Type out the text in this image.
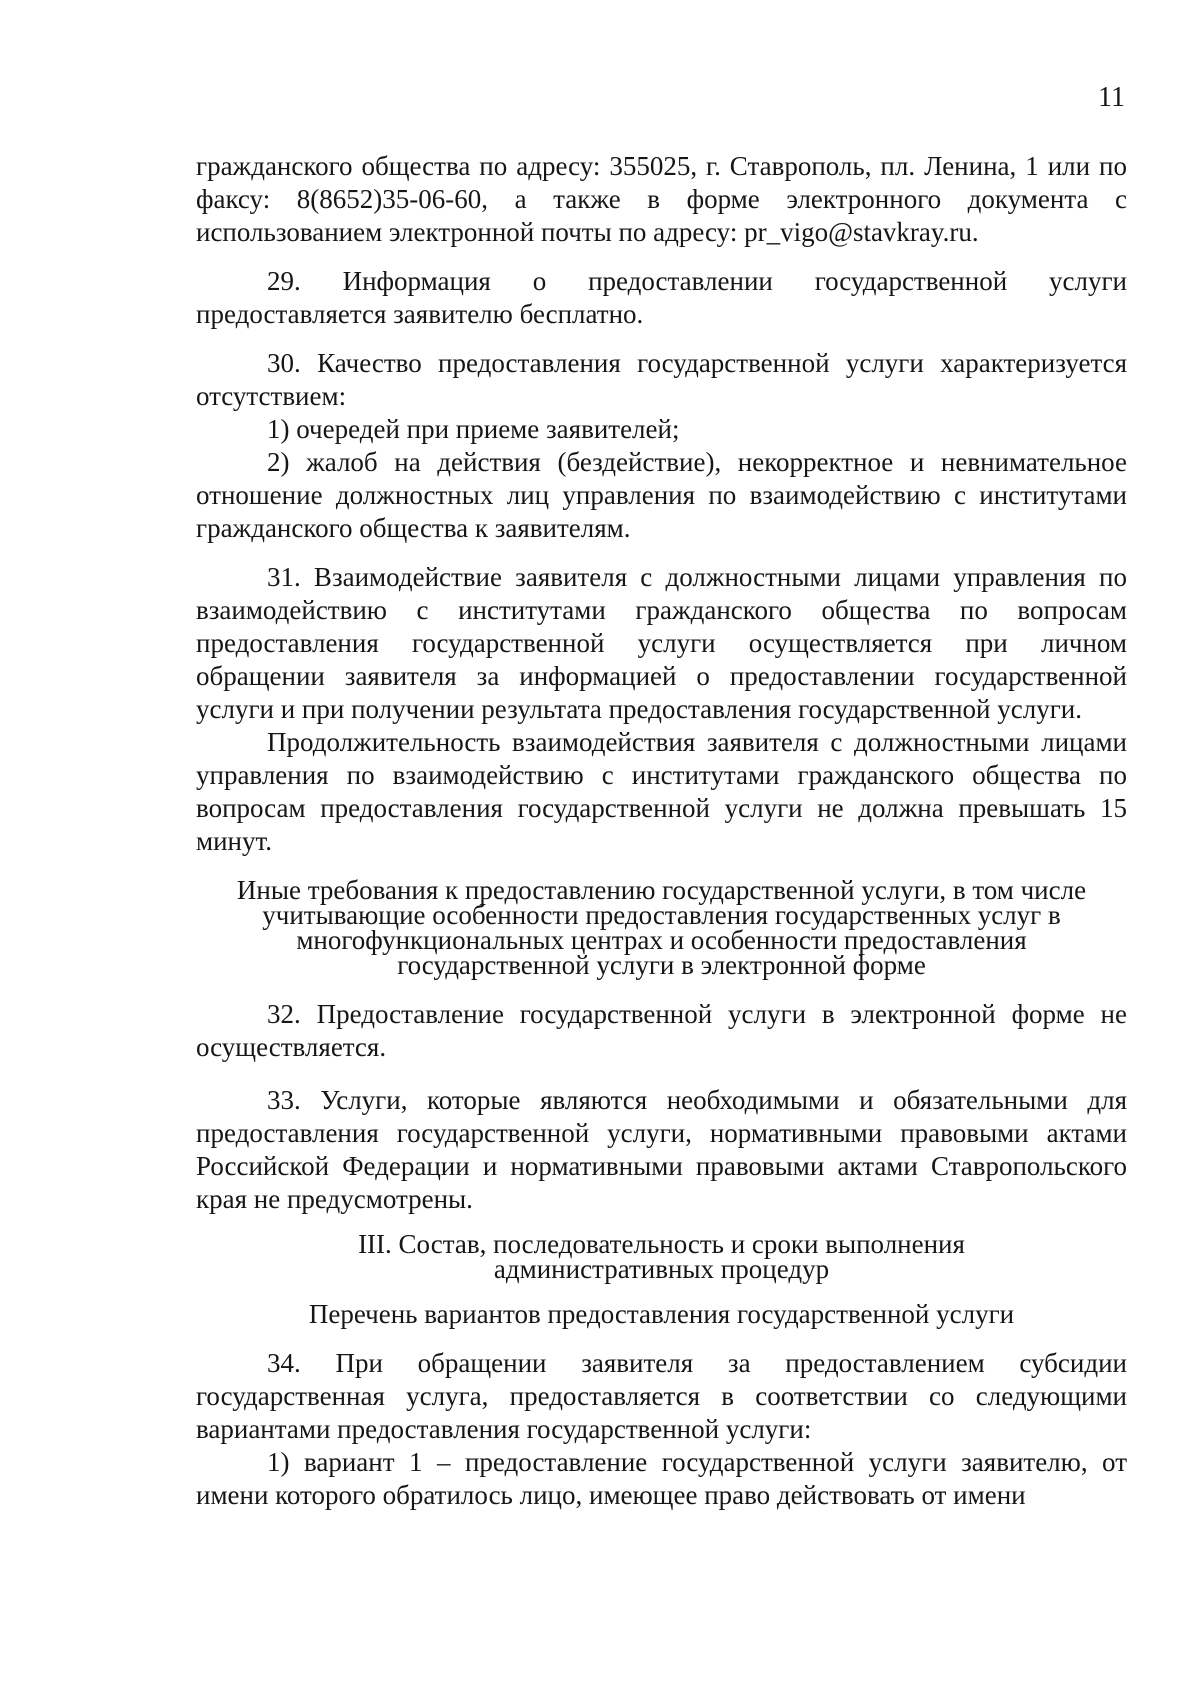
11

гражданского общества по адресу: 355025, г. Ставрополь, пл. Ленина, 1 или по факсу: 8(8652)35-06-60, а также в форме электронного документа с использованием электронной почты по адресу: pr_vigo@stavkray.ru.

29. Информация о предоставлении государственной услуги предоставляется заявителю бесплатно.

30. Качество предоставления государственной услуги характеризуется отсутствием:

1) очередей при приеме заявителей;

2) жалоб на действия (бездействие), некорректное и невнимательное отношение должностных лиц управления по взаимодействию с институтами гражданского общества к заявителям.

31. Взаимодействие заявителя с должностными лицами управления по взаимодействию с институтами гражданского общества по вопросам предоставления государственной услуги осуществляется при личном обращении заявителя за информацией о предоставлении государственной услуги и при получении результата предоставления государственной услуги.

Продолжительность взаимодействия заявителя с должностными лицами управления по взаимодействию с институтами гражданского общества по вопросам предоставления государственной услуги не должна превышать 15 минут.

Иные требования к предоставлению государственной услуги, в том числе
учитывающие особенности предоставления государственных услуг в
многофункциональных центрах и особенности предоставления
государственной услуги в электронной форме

32. Предоставление государственной услуги в электронной форме не осуществляется.

33. Услуги, которые являются необходимыми и обязательными для предоставления государственной услуги, нормативными правовыми актами Российской Федерации и нормативными правовыми актами Ставропольского края не предусмотрены.

III. Состав, последовательность и сроки выполнения
административных процедур

Перечень вариантов предоставления государственной услуги

34. При обращении заявителя за предоставлением субсидии государственная услуга, предоставляется в соответствии со следующими вариантами предоставления государственной услуги:

1) вариант 1 – предоставление государственной услуги заявителю, от имени которого обратилось лицо, имеющее право действовать от имени
